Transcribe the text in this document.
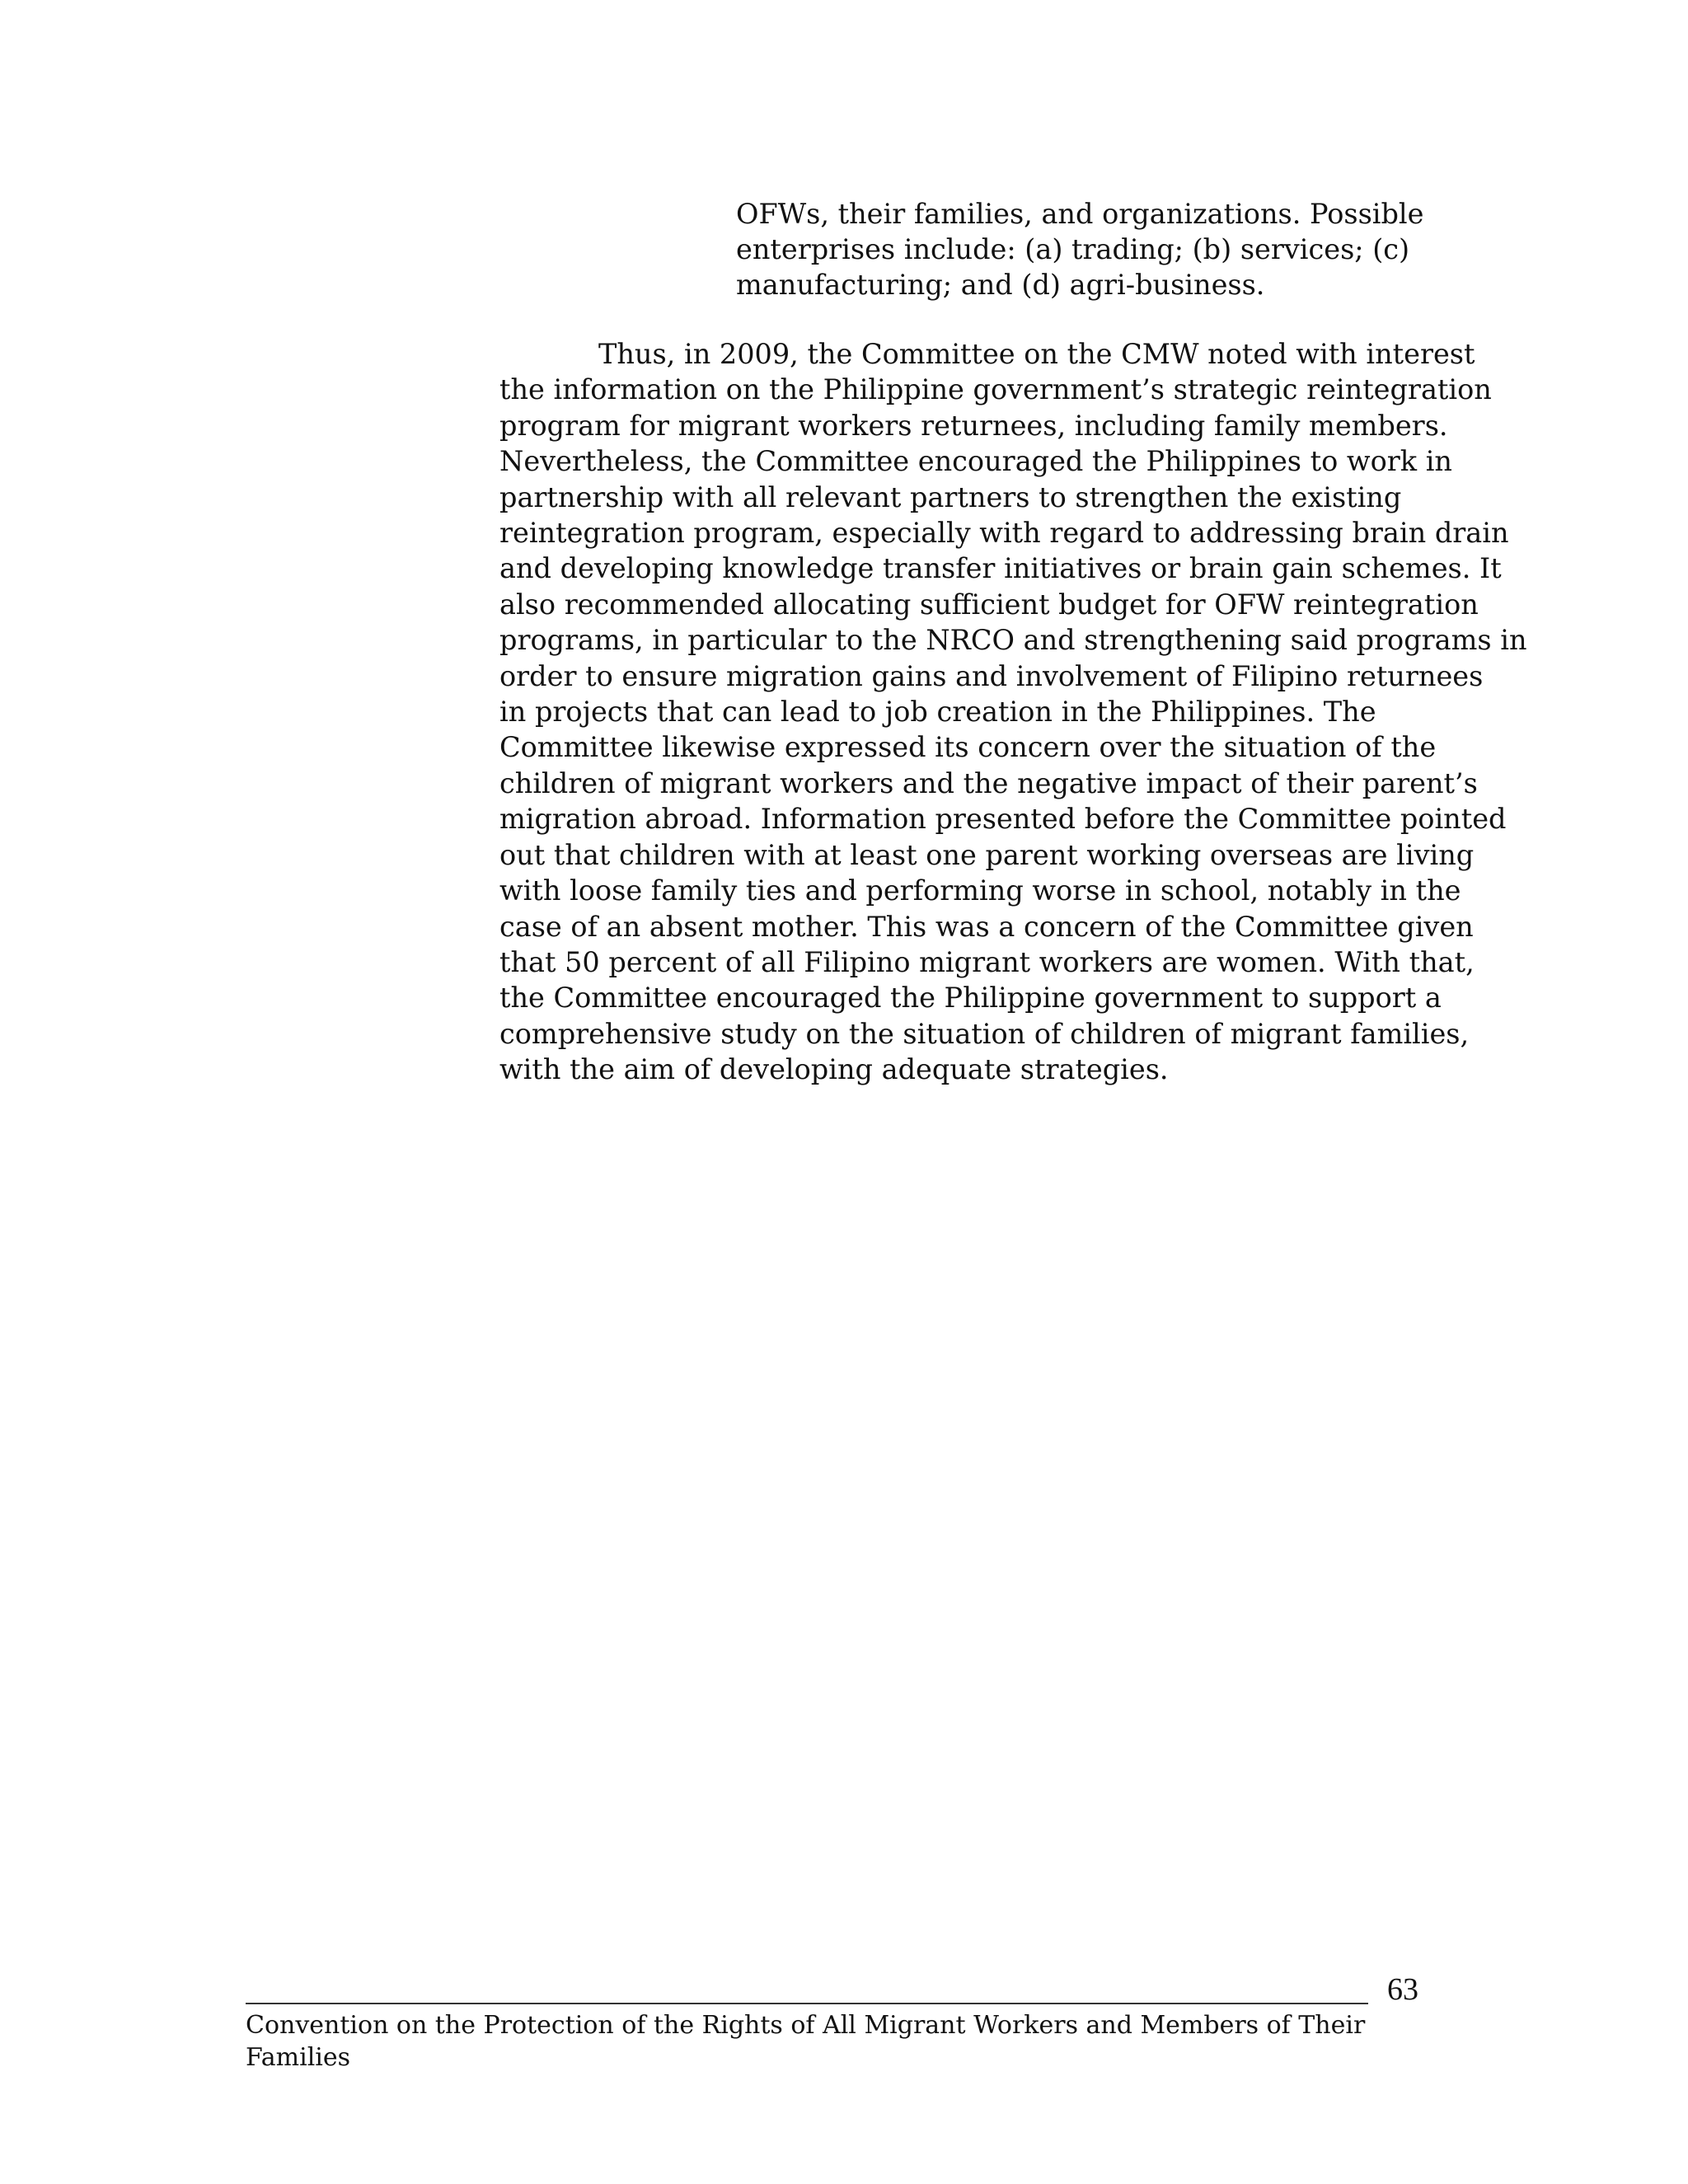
OFWs, their families, and organizations. Possible
enterprises include: (a) trading; (b) services; (c)
manufacturing; and (d) agri-business.
Thus, in 2009, the Committee on the CMW noted with interest
the information on the Philippine government’s strategic reintegration
program for migrant workers returnees, including family members.
Nevertheless, the Committee encouraged the Philippines to work in
partnership with all relevant partners to strengthen the existing
reintegration program, especially with regard to addressing brain drain
and developing knowledge transfer initiatives or brain gain schemes. It
also recommended allocating sufficient budget for OFW reintegration
programs, in particular to the NRCO and strengthening said programs in
order to ensure migration gains and involvement of Filipino returnees
in projects that can lead to job creation in the Philippines. The
Committee likewise expressed its concern over the situation of the
children of migrant workers and the negative impact of their parent’s
migration abroad. Information presented before the Committee pointed
out that children with at least one parent working overseas are living
with loose family ties and performing worse in school, notably in the
case of an absent mother. This was a concern of the Committee given
that 50 percent of all Filipino migrant workers are women. With that,
the Committee encouraged the Philippine government to support a
comprehensive study on the situation of children of migrant families,
with the aim of developing adequate strategies.
63
Convention on the Protection of the Rights of All Migrant Workers and Members of Their
Families
